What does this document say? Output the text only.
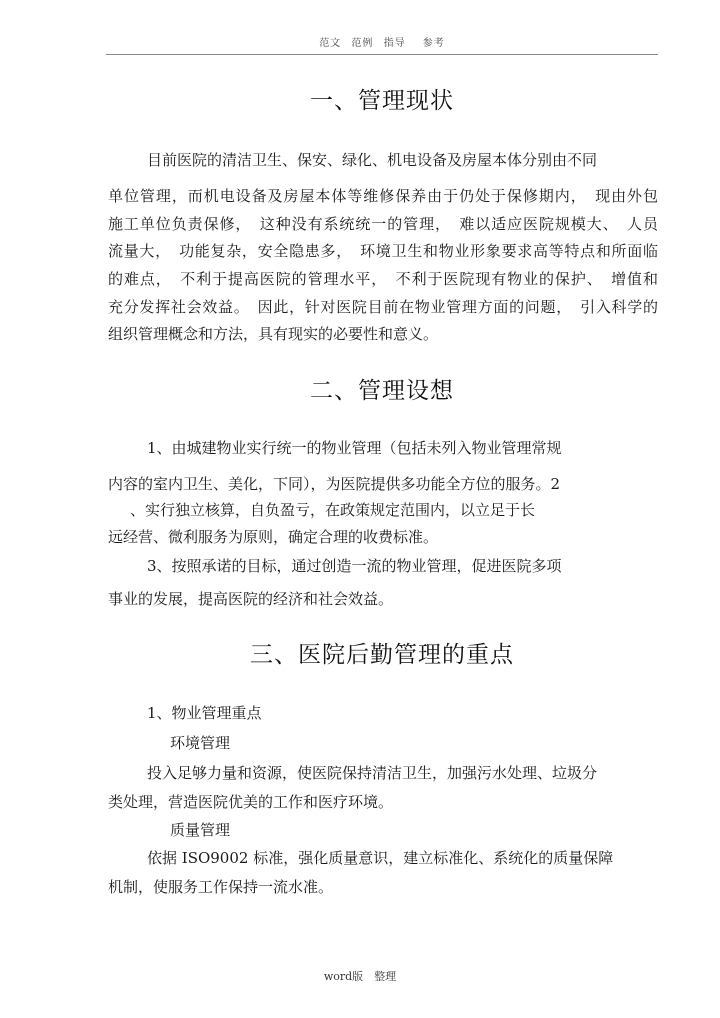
范文 范例 指导 参考
一、管理现状
目前医院的清洁卫生、保安、绿化、机电设备及房屋本体分别由不同
单位管理，而机电设备及房屋本体等维修保养由于仍处于保修期内，　现由外包
施工单位负责保修，　这种没有系统统一的管理，　难以适应医院规模大、　人员
流量大，　功能复杂，安全隐患多，　环境卫生和物业形象要求高等特点和所面临
的难点，　不利于提高医院的管理水平，　不利于医院现有物业的保护、　增值和
充分发挥社会效益。　因此，针对医院目前在物业管理方面的问题，　引入科学的
组织管理概念和方法，具有现实的必要性和意义。
二、管理设想
1、由城建物业实行统一的物业管理（包括未列入物业管理常规
内容的室内卫生、美化，下同），为医院提供多功能全方位的服务。2
、实行独立核算，自负盈亏，在政策规定范围内，以立足于长
远经营、微利服务为原则，确定合理的收费标准。
3、按照承诺的目标，通过创造一流的物业管理，促进医院多项
事业的发展，提高医院的经济和社会效益。
三、医院后勤管理的重点
1、物业管理重点
环境管理
投入足够力量和资源，使医院保持清洁卫生，加强污水处理、垃圾分
类处理，营造医院优美的工作和医疗环境。
质量管理
依据 ISO9002 标准，强化质量意识，建立标准化、系统化的质量保障
机制，使服务工作保持一流水准。
word版　整理
